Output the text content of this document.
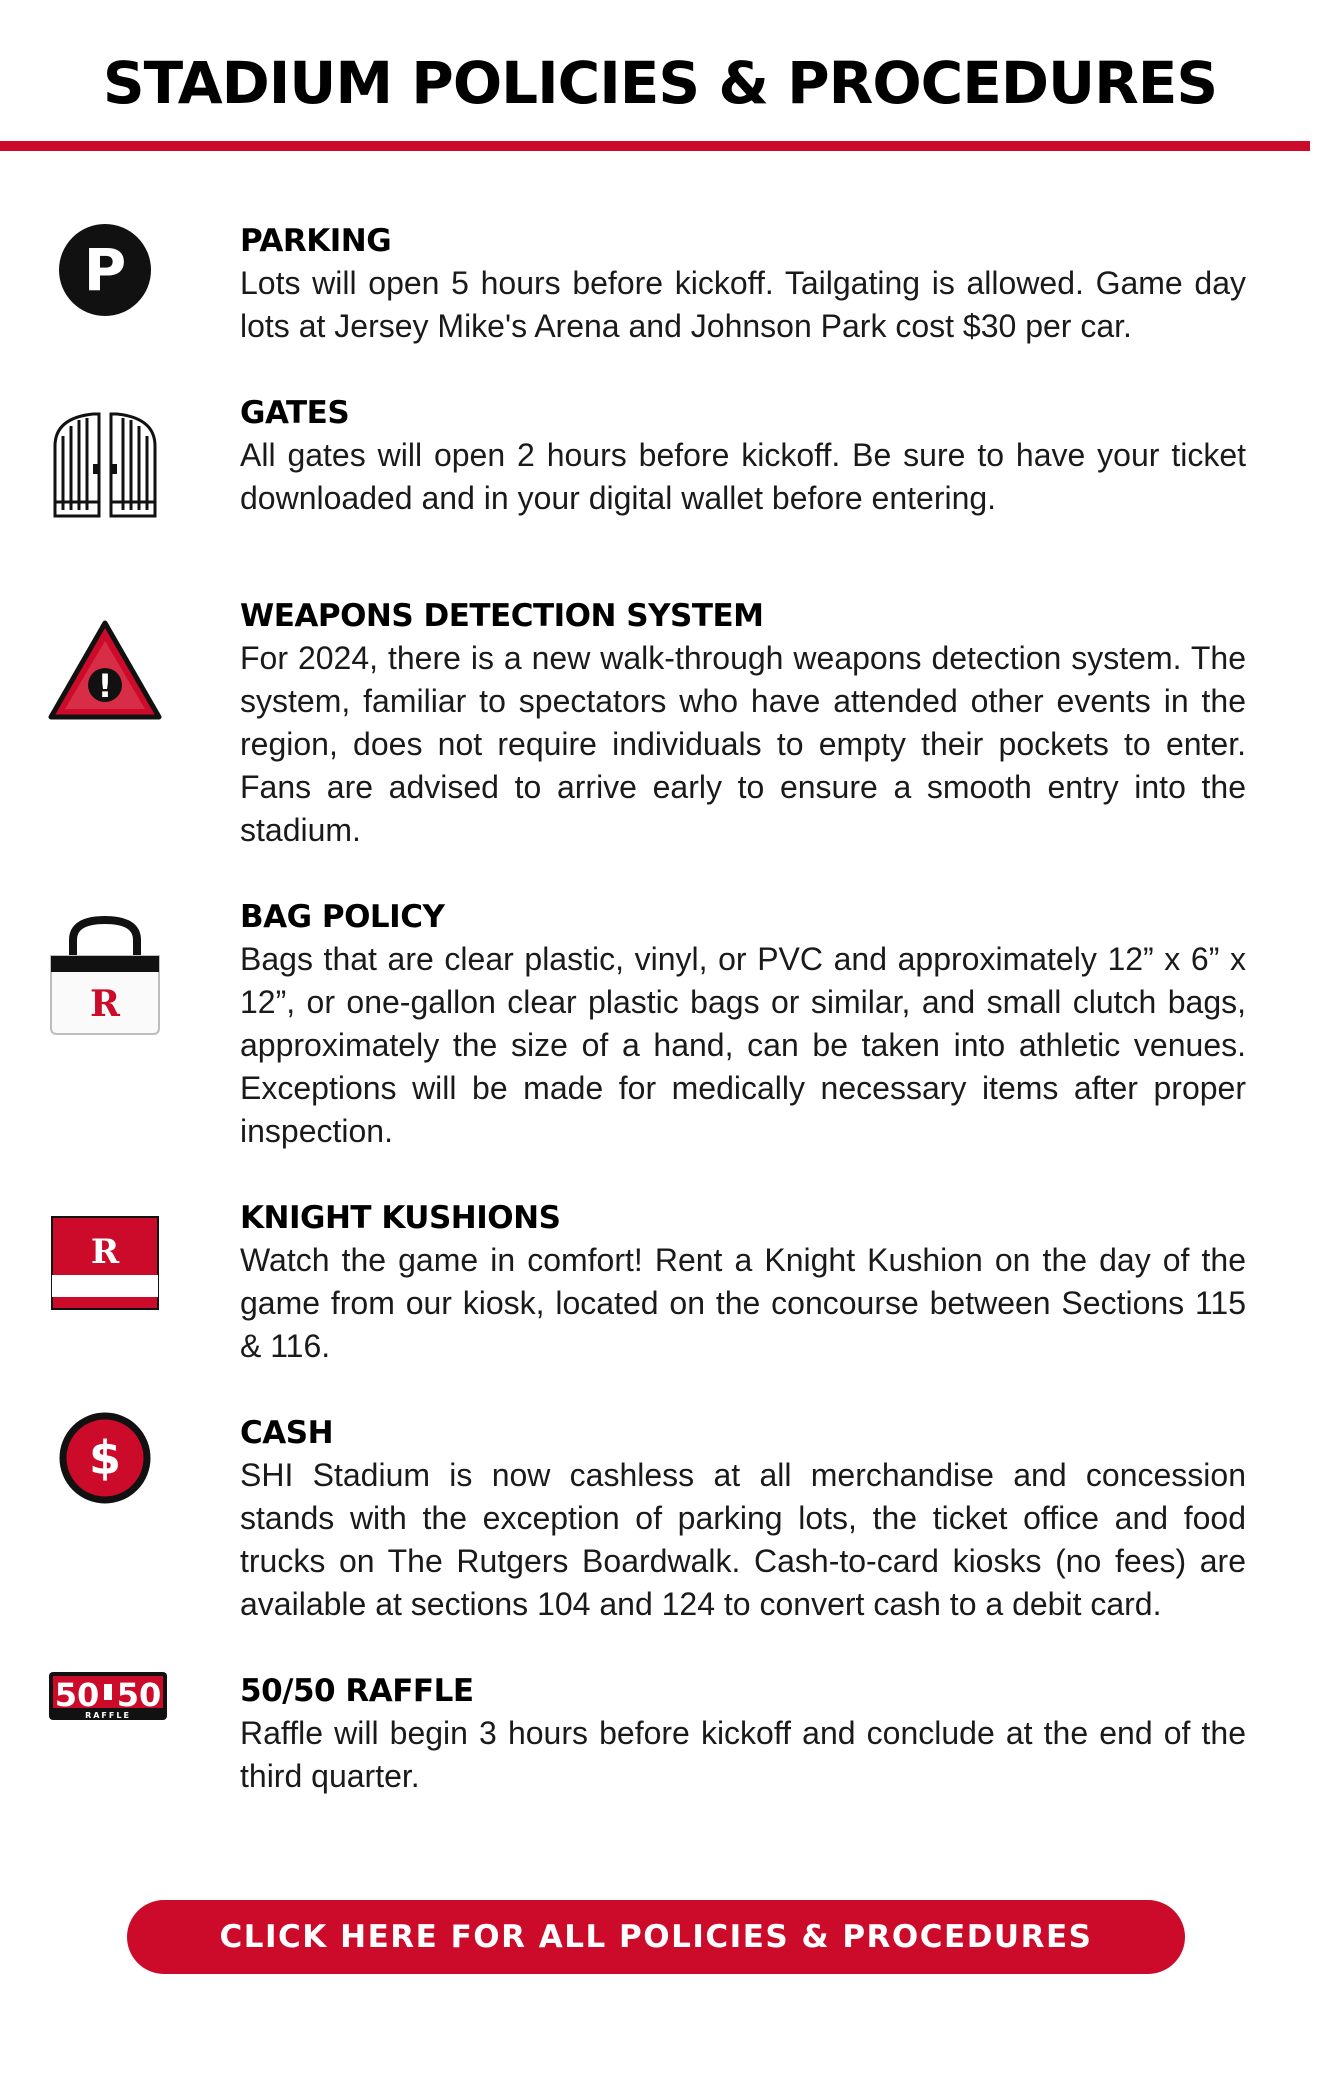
STADIUM POLICIES & PROCEDURES
P	PARKING

Lots will open 5 hours before kickoff. Tailgating is allowed. Game day lots at Jersey Mike's Arena and Johnson Park cost $30 per car.

GATES

All gates will open 2 hours before kickoff. Be sure to have your ticket downloaded and in your digital wallet before entering.

!

WEAPONS DETECTION SYSTEM

For 2024, there is a new walk-through weapons detection system. The system, familiar to spectators who have attended other events in the region, does not require individuals to empty their pockets to enter. Fans are advised to arrive early to ensure a smooth entry into the stadium.

R

BAG POLICY

Bags that are clear plastic, vinyl, or PVC and approximately 12” x 6” x 12”, or one-gallon clear plastic bags or similar, and small clutch bags, approximately the size of a hand, can be taken into athletic venues. Exceptions will be made for medically necessary items after proper inspection.

R

KNIGHT KUSHIONS

Watch the game in comfort! Rent a Knight Kushion on the day of the game from our kiosk, located on the concourse between Sections 115 & 116.

$	CASH

SHI Stadium is now cashless at all merchandise and concession stands with the exception of parking lots, the ticket office and food trucks on The Rutgers Boardwalk. Cash-to-card kiosks (no fees) are available at sections 104 and 124 to convert cash to a debit card.

50 50
RAFFLE

50/50 RAFFLE

Raffle will begin 3 hours before kickoff and conclude at the end of the third quarter.

CLICK HERE FOR ALL POLICIES & PROCEDURES
